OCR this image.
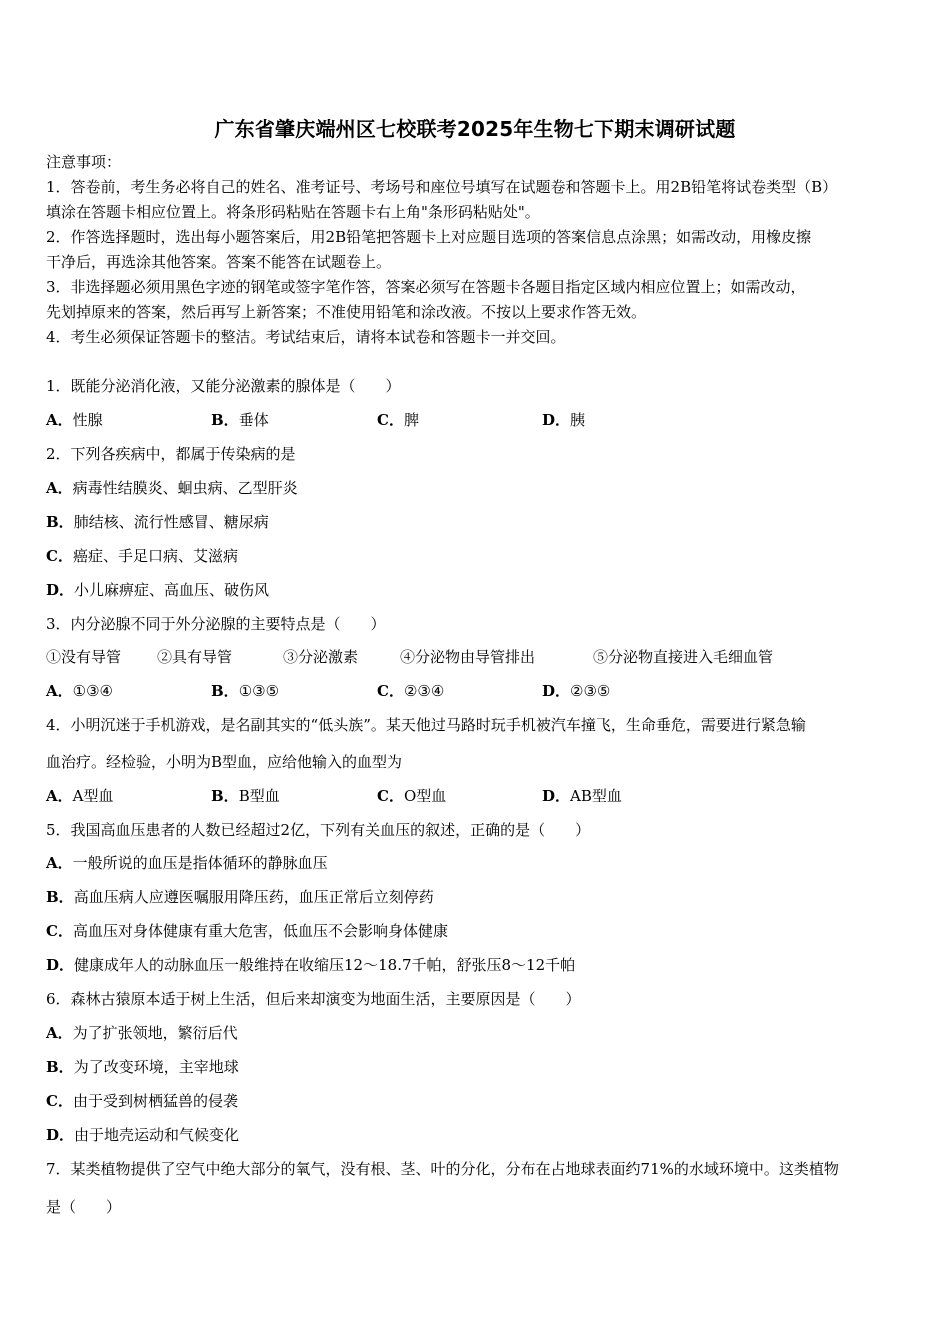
广东省肇庆端州区七校联考2025年生物七下期末调研试题
注意事项：
1．答卷前，考生务必将自己的姓名、准考证号、考场号和座位号填写在试题卷和答题卡上。用2B铅笔将试卷类型（B）
填涂在答题卡相应位置上。将条形码粘贴在答题卡右上角"条形码粘贴处"。
2．作答选择题时，选出每小题答案后，用2B铅笔把答题卡上对应题目选项的答案信息点涂黑；如需改动，用橡皮擦
干净后，再选涂其他答案。答案不能答在试题卷上。
3．非选择题必须用黑色字迹的钢笔或签字笔作答，答案必须写在答题卡各题目指定区域内相应位置上；如需改动，
先划掉原来的答案，然后再写上新答案；不准使用铅笔和涂改液。不按以上要求作答无效。
4．考生必须保证答题卡的整洁。考试结束后，请将本试卷和答题卡一并交回。
1．既能分泌消化液，又能分泌激素的腺体是（　　）
A．性腺	B．垂体	C．脾	D．胰
2．下列各疾病中，都属于传染病的是
A．病毒性结膜炎、蛔虫病、乙型肝炎
B．肺结核、流行性感冒、糖尿病
C．癌症、手足口病、艾滋病
D．小儿麻痹症、高血压、破伤风
3．内分泌腺不同于外分泌腺的主要特点是（　　）
①没有导管 ②具有导管	③分泌激素	④分泌物由导管排出	⑤分泌物直接进入毛细血管
A．①③④	B．①③⑤	C．②③④	D．②③⑤
4．小明沉迷于手机游戏，是名副其实的“低头族”。某天他过马路时玩手机被汽车撞飞，生命垂危，需要进行紧急输
血治疗。经检验，小明为B型血，应给他输入的血型为
A．A型血	B．B型血	C．O型血	D．AB型血
5．我国高血压患者的人数已经超过2亿，下列有关血压的叙述，正确的是（　　）
A．一般所说的血压是指体循环的静脉血压
B．高血压病人应遵医嘱服用降压药，血压正常后立刻停药
C．高血压对身体健康有重大危害，低血压不会影响身体健康
D．健康成年人的动脉血压一般维持在收缩压12～18.7千帕，舒张压8～12千帕
6．森林古猿原本适于树上生活，但后来却演变为地面生活，主要原因是（　　）
A．为了扩张领地，繁衍后代
B．为了改变环境，主宰地球
C．由于受到树栖猛兽的侵袭
D．由于地壳运动和气候变化
7．某类植物提供了空气中绝大部分的氧气，没有根、茎、叶的分化，分布在占地球表面约71%的水域环境中。这类植物
是（　　）
